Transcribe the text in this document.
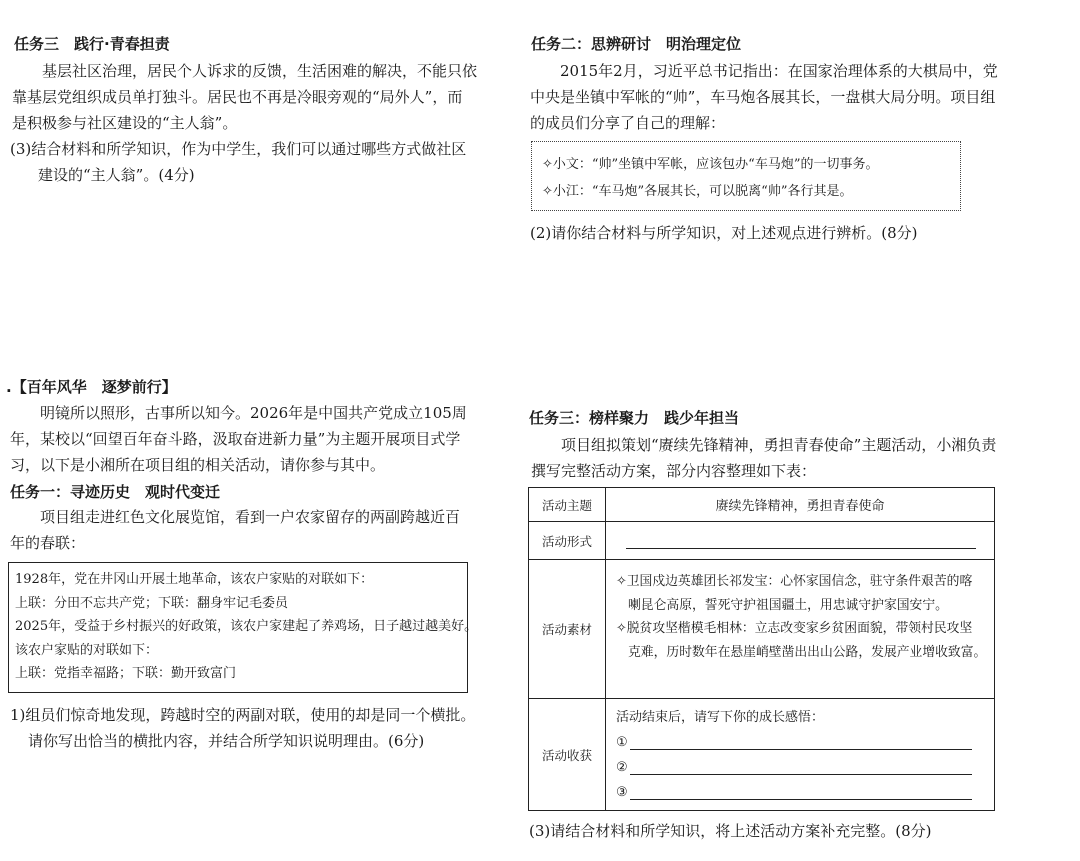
任务三　践行·青春担责
基层社区治理，居民个人诉求的反馈，生活困难的解决，不能只依
靠基层党组织成员单打独斗。居民也不再是冷眼旁观的“局外人”，而
是积极参与社区建设的“主人翁”。
(3)结合材料和所学知识，作为中学生，我们可以通过哪些方式做社区
建设的“主人翁”。(4分)
任务二：思辨研讨　明治理定位
2015年2月，习近平总书记指出：在国家治理体系的大棋局中，党
中央是坐镇中军帐的“帅”，车马炮各展其长，一盘棋大局分明。项目组
的成员们分享了自己的理解：
✧小文：“帅”坐镇中军帐，应该包办“车马炮”的一切事务。
✧小江：“车马炮”各展其长，可以脱离“帅”各行其是。
(2)请你结合材料与所学知识，对上述观点进行辨析。(8分)
.【百年风华　逐梦前行】
明镜所以照形，古事所以知今。2026年是中国共产党成立105周
年，某校以“回望百年奋斗路，汲取奋进新力量”为主题开展项目式学
习，以下是小湘所在项目组的相关活动，请你参与其中。
任务一：寻迹历史　观时代变迁
项目组走进红色文化展览馆，看到一户农家留存的两副跨越近百
年的春联：
1928年，党在井冈山开展土地革命，该农户家贴的对联如下：
上联：分田不忘共产党；下联：翻身牢记毛委员
2025年，受益于乡村振兴的好政策，该农户家建起了养鸡场，日子越过越美好。
该农户家贴的对联如下：
上联：党指幸福路；下联：勤开致富门
1)组员们惊奇地发现，跨越时空的两副对联，使用的却是同一个横批。
请你写出恰当的横批内容，并结合所学知识说明理由。(6分)
任务三：榜样聚力　践少年担当
项目组拟策划“赓续先锋精神，勇担青春使命”主题活动，小湘负责
撰写完整活动方案，部分内容整理如下表：
活动主题	赓续先锋精神，勇担青春使命
活动形式	

活动素材	✧卫国戍边英雄团长祁发宝：心怀家国信念，驻守条件艰苦的喀
喇昆仑高原，誓死守护祖国疆土，用忠诚守护家国安宁。
✧脱贫攻坚楷模毛相林：立志改变家乡贫困面貌，带领村民攻坚
克难，历时数年在悬崖峭壁凿出出山公路，发展产业增收致富。

活动收获	活动结束后，请写下你的成长感悟：
①
②
③
(3)请结合材料和所学知识，将上述活动方案补充完整。(8分)
